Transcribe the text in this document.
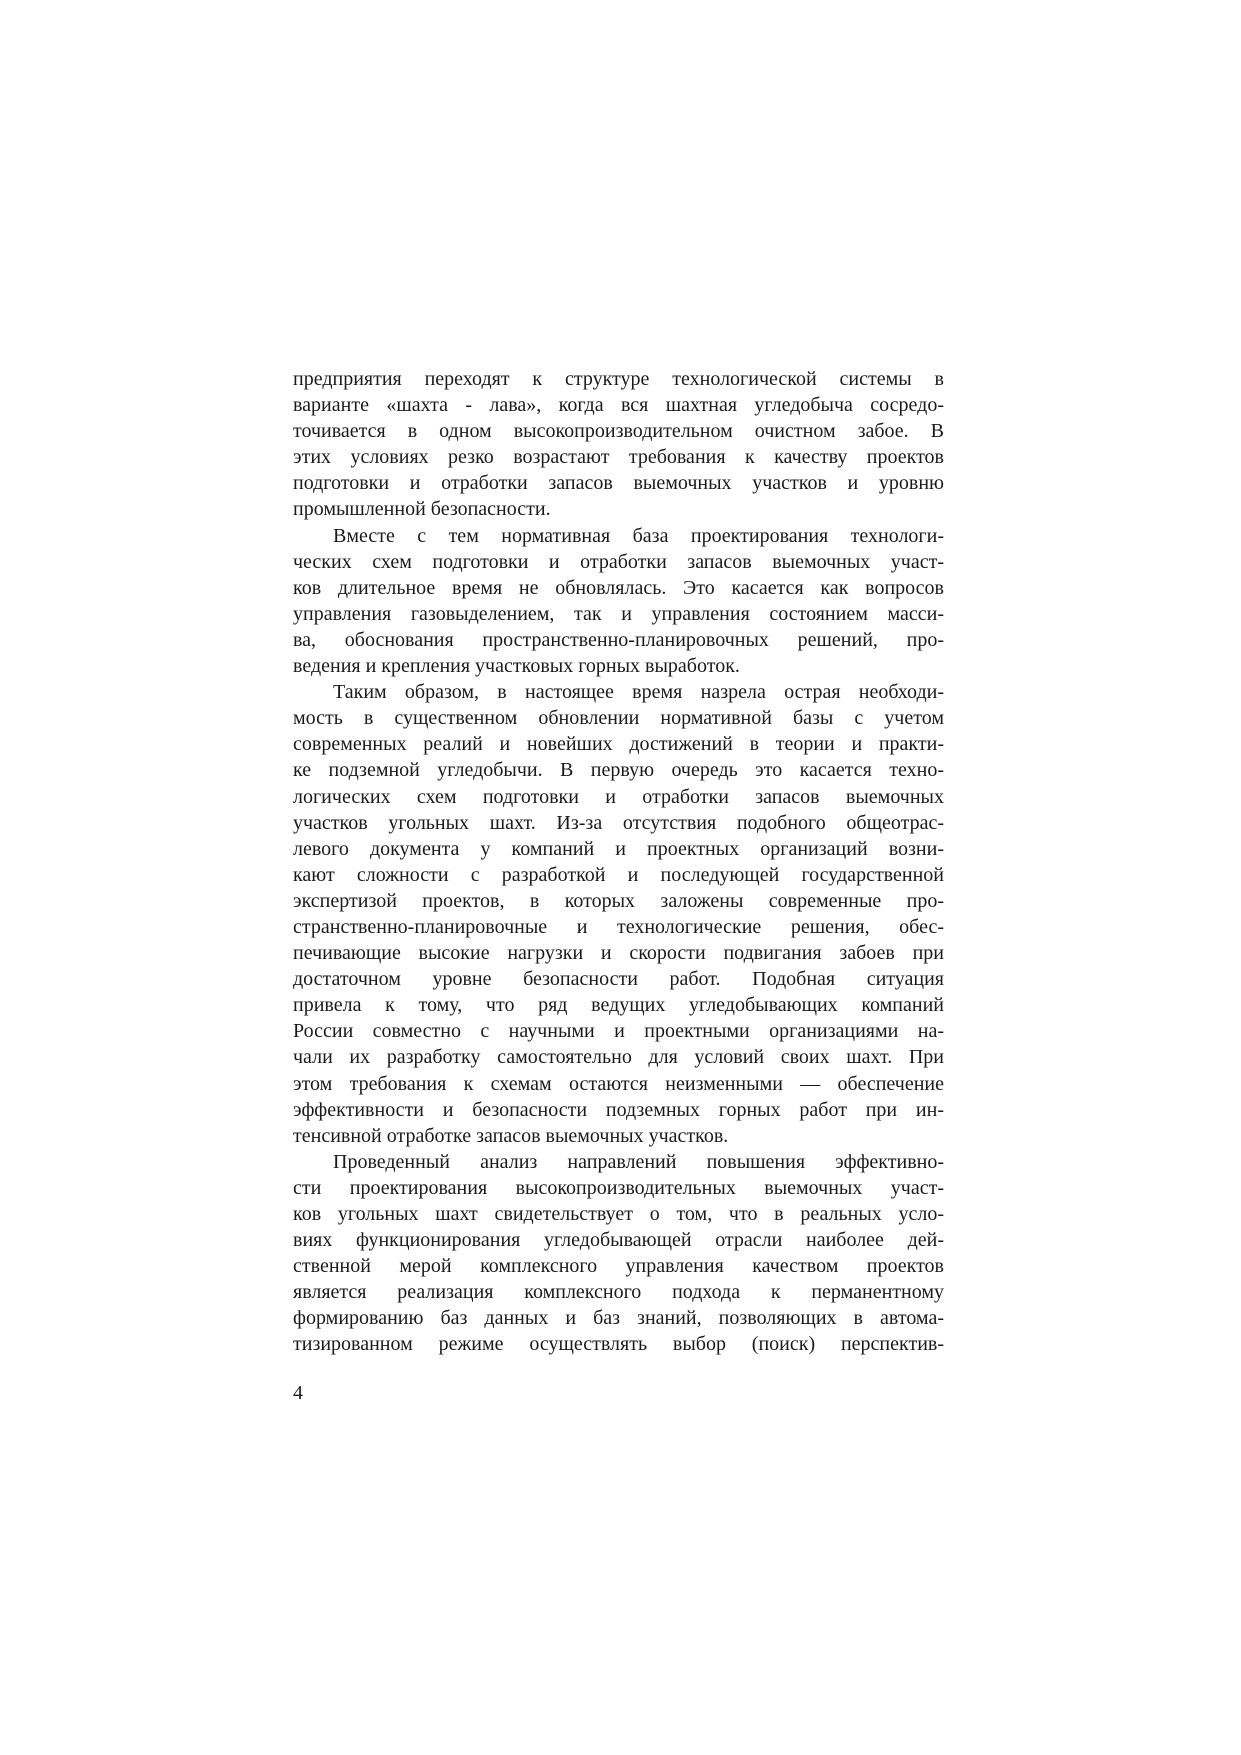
предприятия переходят к структуре технологической системы в
варианте «шахта - лава», когда вся шахтная угледобыча сосредо-
точивается в одном высокопроизводительном очистном забое. В
этих условиях резко возрастают требования к качеству проектов
подготовки и отработки запасов выемочных участков и уровню
промышленной безопасности.
Вместе с тем нормативная база проектирования технологи-
ческих схем подготовки и отработки запасов выемочных участ-
ков длительное время не обновлялась. Это касается как вопросов
управления газовыделением, так и управления состоянием масси-
ва, обоснования пространственно-планировочных решений, про-
ведения и крепления участковых горных выработок.
Таким образом, в настоящее время назрела острая необходи-
мость в существенном обновлении нормативной базы с учетом
современных реалий и новейших достижений в теории и практи-
ке подземной угледобычи. В первую очередь это касается техно-
логических схем подготовки и отработки запасов выемочных
участков угольных шахт. Из-за отсутствия подобного общеотрас-
левого документа у компаний и проектных организаций возни-
кают сложности с разработкой и последующей государственной
экспертизой проектов, в которых заложены современные про-
странственно-планировочные и технологические решения, обес-
печивающие высокие нагрузки и скорости подвигания забоев при
достаточном уровне безопасности работ. Подобная ситуация
привела к тому, что ряд ведущих угледобывающих компаний
России совместно с научными и проектными организациями на-
чали их разработку самостоятельно для условий своих шахт. При
этом требования к схемам остаются неизменными — обеспечение
эффективности и безопасности подземных горных работ при ин-
тенсивной отработке запасов выемочных участков.
Проведенный анализ направлений повышения эффективно-
сти проектирования высокопроизводительных выемочных участ-
ков угольных шахт свидетельствует о том, что в реальных усло-
виях функционирования угледобывающей отрасли наиболее дей-
ственной мерой комплексного управления качеством проектов
является реализация комплексного подхода к перманентному
формированию баз данных и баз знаний, позволяющих в автома-
тизированном режиме осуществлять выбор (поиск) перспектив-
4
